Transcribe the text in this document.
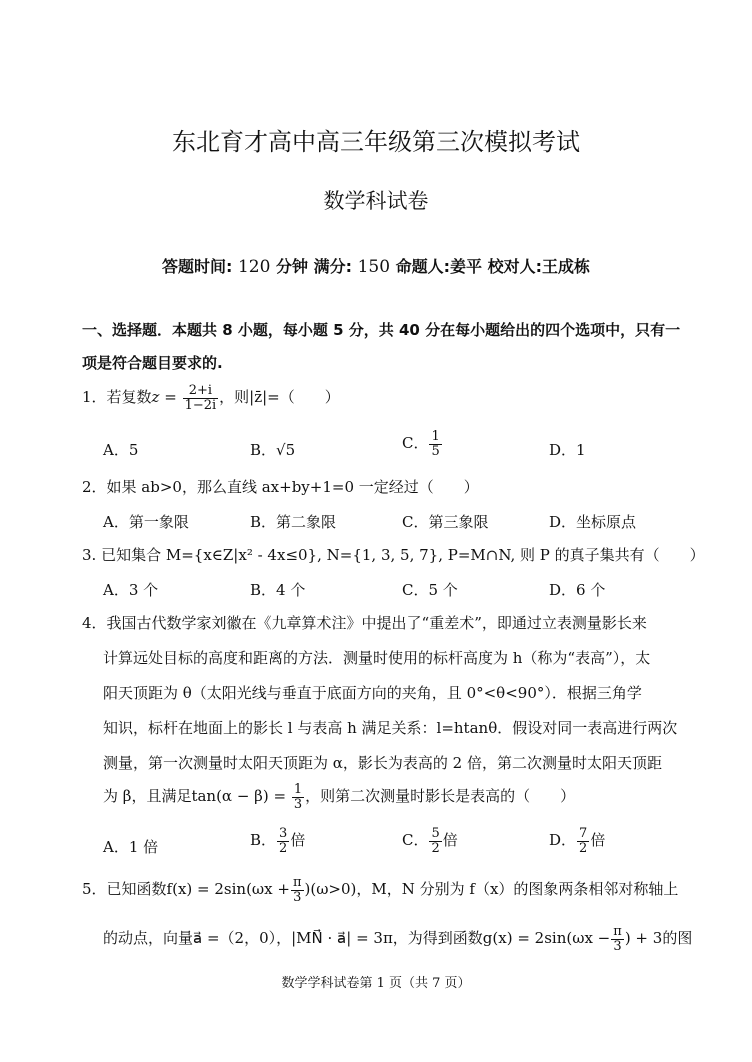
东北育才高中高三年级第三次模拟考试
数学科试卷
答题时间: 120 分钟 满分: 150 命题人:姜平 校对人:王成栋
一、选择题．本题共 8 小题，每小题 5 分，共 40 分在每小题给出的四个选项中，只有一
项是符合题目要求的.
1．若复数$z = \frac{2+i}{1-2i}$ ，则|z̄|=（　　）
A．5	B．√5	C． $\frac{1}{5}$	D．1
2．如果 ab>0，那么直线 ax+by+1=0 一定经过（　　）
A．第一象限	B．第二象限	C．第三象限	D．坐标原点
3. 已知集合 M={x∈Z|x² - 4x≤0}, N={1, 3, 5, 7}, P=M∩N, 则 P 的真子集共有（　　）
A．3 个	B．4 个	C．5 个	D．6 个
4．我国古代数学家刘徽在《九章算术注》中提出了“重差术”，即通过立表测量影长来
计算远处目标的高度和距离的方法．测量时使用的标杆高度为 h（称为“表高”），太
阳天顶距为 θ（太阳光线与垂直于底面方向的夹角，且 0°<θ<90°）．根据三角学
知识，标杆在地面上的影长 l 与表高 h 满足关系：l=htanθ．假设对同一表高进行两次
测量，第一次测量时太阳天顶距为 α，影长为表高的 2 倍，第二次测量时太阳天顶距
为 β，且满足$\tan(\alpha - \beta) = \frac{1}{3}$ ，则第二次测量时影长是表高的（　　）
A．1 倍	B． $\frac{3}{2}$ 倍	C． $\frac{5}{2}$ 倍	D． $\frac{7}{2}$ 倍
5．已知函数$f(x) = 2\sin(\omega x + \frac{\pi}{3} )(\omega>0)$，M，N 分别为 f（x）的图象两条相邻对称轴上
的动点，向量a⃗ =（2，0），|MN⃗ · a⃗| = 3π，为得到函数$g(x) = 2\sin(\omega x - \frac{\pi}{3}$ ) + 3的图
数学学科试卷第 1 页（共 7 页）
